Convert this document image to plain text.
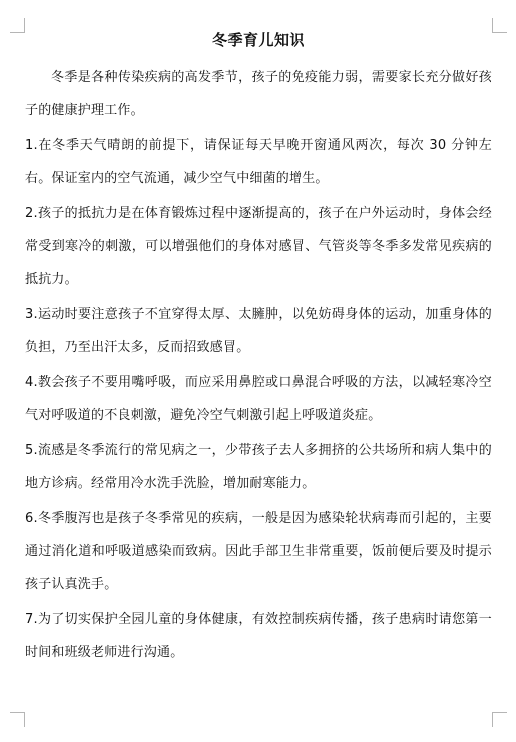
冬季育儿知识

冬季是各种传染疾病的高发季节，孩子的免疫能力弱，需要家长充分做好孩子的健康护理工作。

1.在冬季天气晴朗的前提下，请保证每天早晚开窗通风两次，每次 30 分钟左右。保证室内的空气流通，减少空气中细菌的增生。

2.孩子的抵抗力是在体育锻炼过程中逐渐提高的，孩子在户外运动时，身体会经常受到寒冷的刺激，可以增强他们的身体对感冒、气管炎等冬季多发常见疾病的抵抗力。

3.运动时要注意孩子不宜穿得太厚、太臃肿，以免妨碍身体的运动，加重身体的负担，乃至出汗太多，反而招致感冒。

4.教会孩子不要用嘴呼吸，而应采用鼻腔或口鼻混合呼吸的方法，以减轻寒冷空气对呼吸道的不良刺激，避免冷空气刺激引起上呼吸道炎症。

5.流感是冬季流行的常见病之一，少带孩子去人多拥挤的公共场所和病人集中的地方诊病。经常用冷水洗手洗脸，增加耐寒能力。

6.冬季腹泻也是孩子冬季常见的疾病，一般是因为感染轮状病毒而引起的，主要通过消化道和呼吸道感染而致病。因此手部卫生非常重要，饭前便后要及时提示孩子认真洗手。

7.为了切实保护全园儿童的身体健康，有效控制疾病传播，孩子患病时请您第一时间和班级老师进行沟通。
